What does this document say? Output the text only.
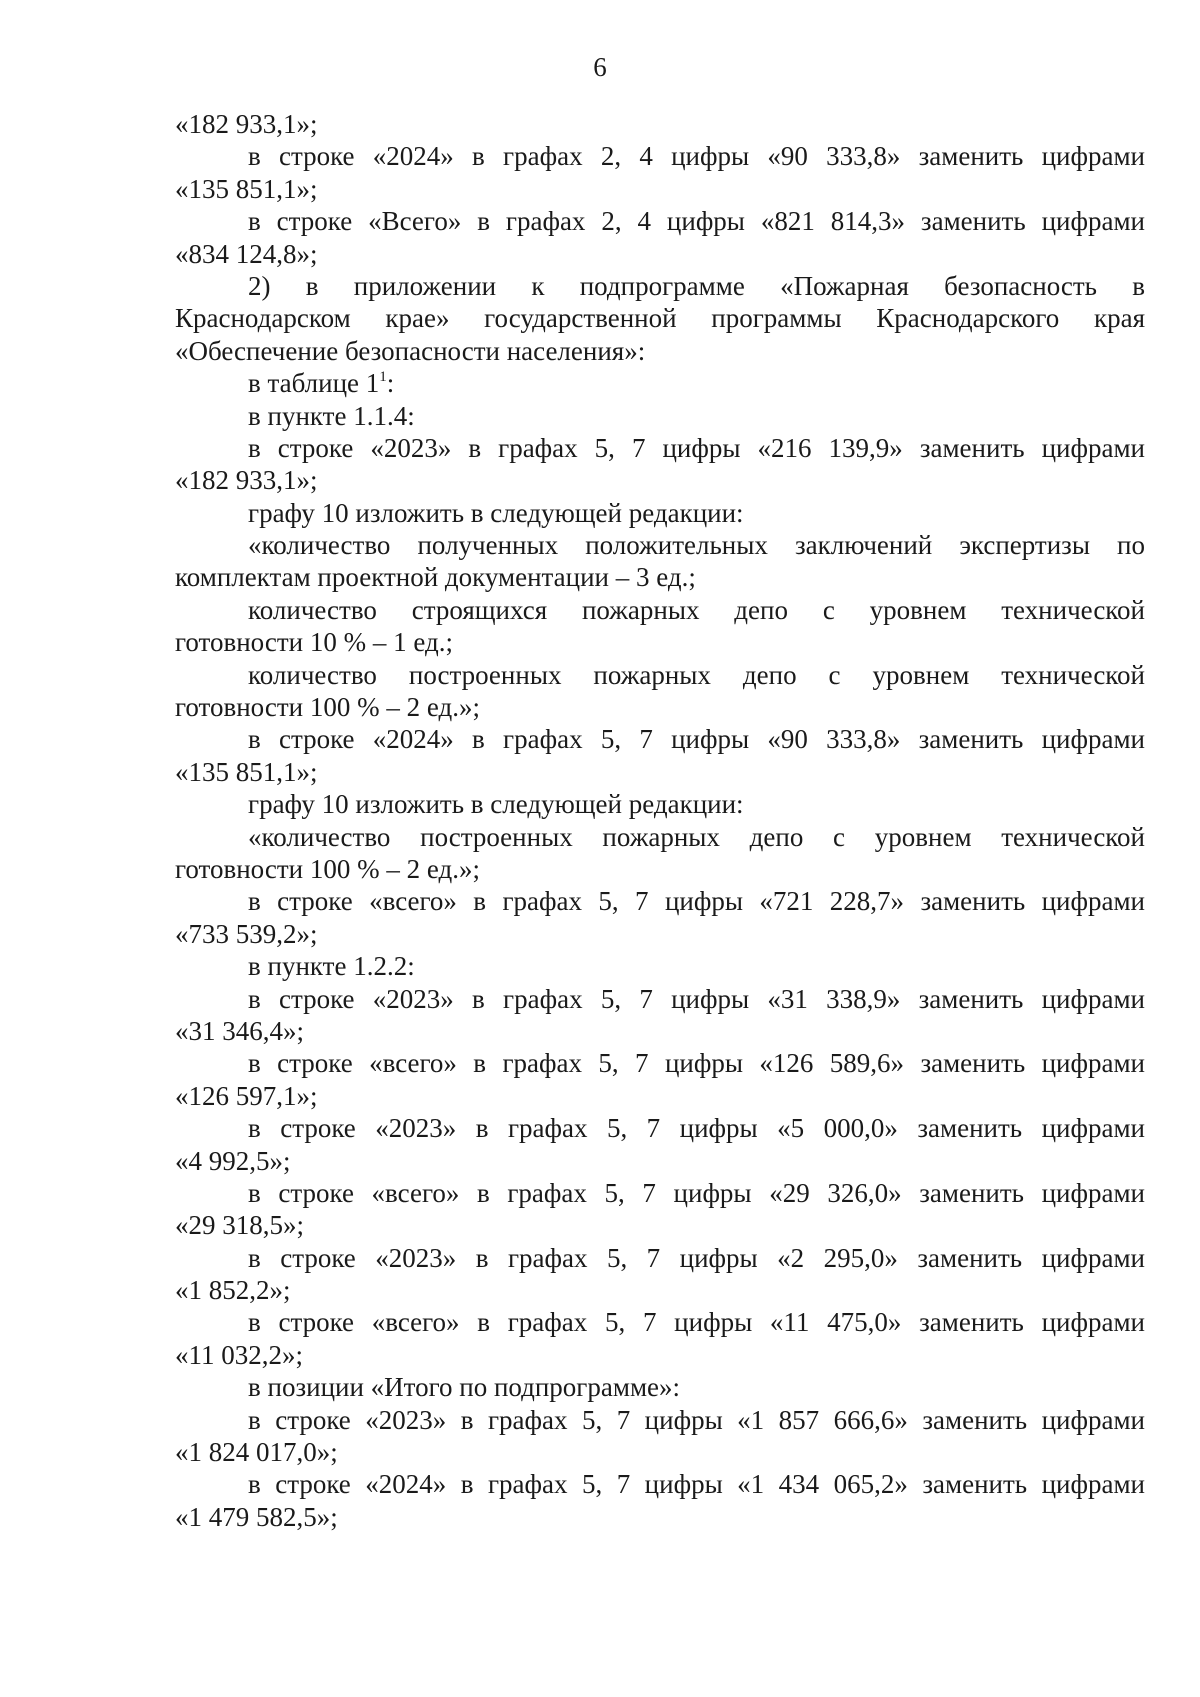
6
«182 933,1»;
в строке «2024» в графах 2, 4 цифры «90 333,8» заменить цифрами
«135 851,1»;
в строке «Всего» в графах 2, 4 цифры «821 814,3» заменить цифрами
«834 124,8»;
2) в приложении к подпрограмме «Пожарная безопасность в
Краснодарском крае» государственной программы Краснодарского края
«Обеспечение безопасности населения»:
в таблице $1^1$:
в пункте 1.1.4:
в строке «2023» в графах 5, 7 цифры «216 139,9» заменить цифрами
«182 933,1»;
графу 10 изложить в следующей редакции:
«количество полученных положительных заключений экспертизы по
комплектам проектной документации – 3 ед.;
количество строящихся пожарных депо с уровнем технической
готовности 10 % – 1 ед.;
количество построенных пожарных депо с уровнем технической
готовности 100 % – 2 ед.»;
в строке «2024» в графах 5, 7 цифры «90 333,8» заменить цифрами
«135 851,1»;
графу 10 изложить в следующей редакции:
«количество построенных пожарных депо с уровнем технической
готовности 100 % – 2 ед.»;
в строке «всего» в графах 5, 7 цифры «721 228,7» заменить цифрами
«733 539,2»;
в пункте 1.2.2:
в строке «2023» в графах 5, 7 цифры «31 338,9» заменить цифрами
«31 346,4»;
в строке «всего» в графах 5, 7 цифры «126 589,6» заменить цифрами
«126 597,1»;
в строке «2023» в графах 5, 7 цифры «5 000,0» заменить цифрами
«4 992,5»;
в строке «всего» в графах 5, 7 цифры «29 326,0» заменить цифрами
«29 318,5»;
в строке «2023» в графах 5, 7 цифры «2 295,0» заменить цифрами
«1 852,2»;
в строке «всего» в графах 5, 7 цифры «11 475,0» заменить цифрами
«11 032,2»;
в позиции «Итого по подпрограмме»:
в строке «2023» в графах 5, 7 цифры «1 857 666,6» заменить цифрами
«1 824 017,0»;
в строке «2024» в графах 5, 7 цифры «1 434 065,2» заменить цифрами
«1 479 582,5»;
